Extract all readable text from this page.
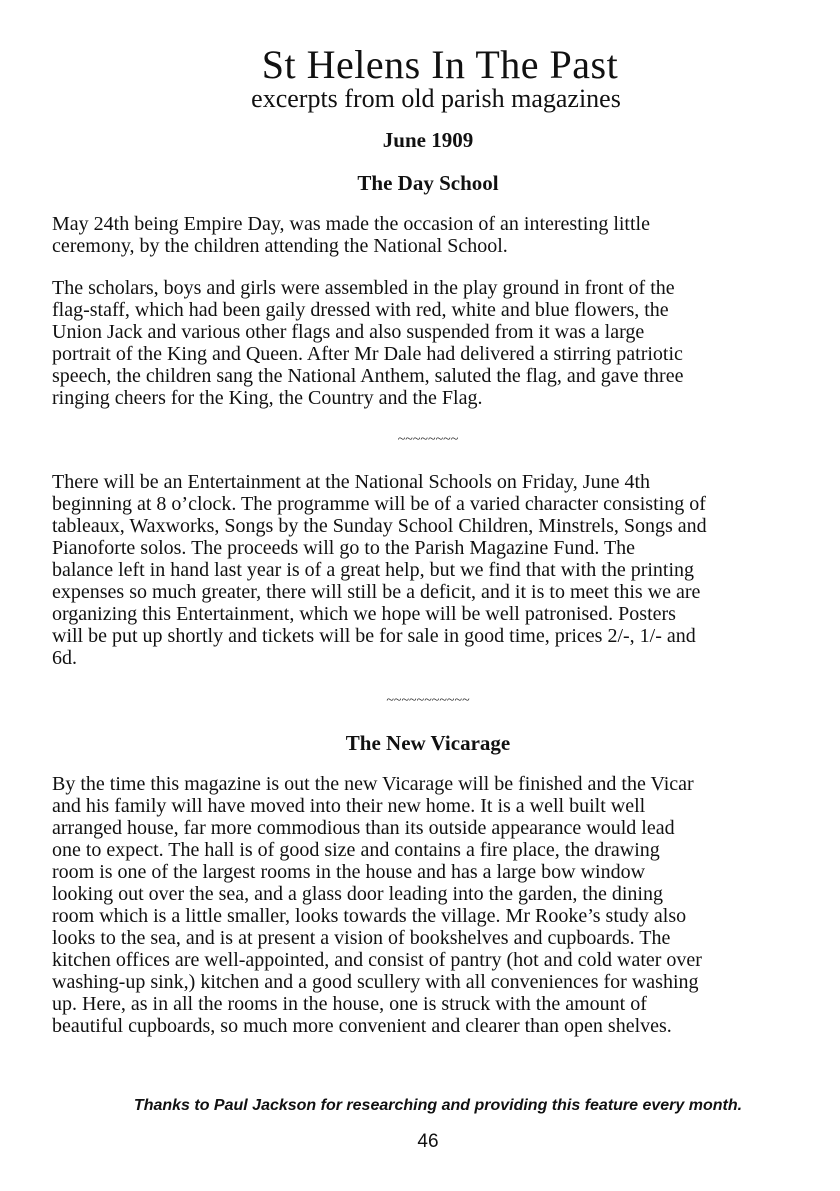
St Helens In The Past
excerpts from old parish magazines
June 1909
The Day School
May 24th being Empire Day, was made the occasion of an interesting little
ceremony, by the children attending the National School.
The scholars, boys and girls were assembled in the play ground in front of the
flag-staff, which had been gaily dressed with red, white and blue flowers, the
Union Jack and various other flags and also suspended from it was a large
portrait of the King and Queen. After Mr Dale had delivered a stirring patriotic
speech, the children sang the National Anthem, saluted the flag, and gave three
ringing cheers for the King, the Country and the Flag.
~~~~~~~~
There will be an Entertainment at the National Schools on Friday, June 4th
beginning at 8 o’clock. The programme will be of a varied character consisting of
tableaux, Waxworks, Songs by the Sunday School Children, Minstrels, Songs and
Pianoforte solos. The proceeds will go to the Parish Magazine Fund. The
balance left in hand last year is of a great help, but we find that with the printing
expenses so much greater, there will still be a deficit, and it is to meet this we are
organizing this Entertainment, which we hope will be well patronised. Posters
will be put up shortly and tickets will be for sale in good time, prices 2/-, 1/- and
6d.
~~~~~~~~~~~
The New Vicarage
By the time this magazine is out the new Vicarage will be finished and the Vicar
and his family will have moved into their new home. It is a well built well
arranged house, far more commodious than its outside appearance would lead
one to expect. The hall is of good size and contains a fire place, the drawing
room is one of the largest rooms in the house and has a large bow window
looking out over the sea, and a glass door leading into the garden, the dining
room which is a little smaller, looks towards the village. Mr Rooke’s study also
looks to the sea, and is at present a vision of bookshelves and cupboards. The
kitchen offices are well-appointed, and consist of pantry (hot and cold water over
washing-up sink,) kitchen and a good scullery with all conveniences for washing
up. Here, as in all the rooms in the house, one is struck with the amount of
beautiful cupboards, so much more convenient and clearer than open shelves.
Thanks to Paul Jackson for researching and providing this feature every month.
46
